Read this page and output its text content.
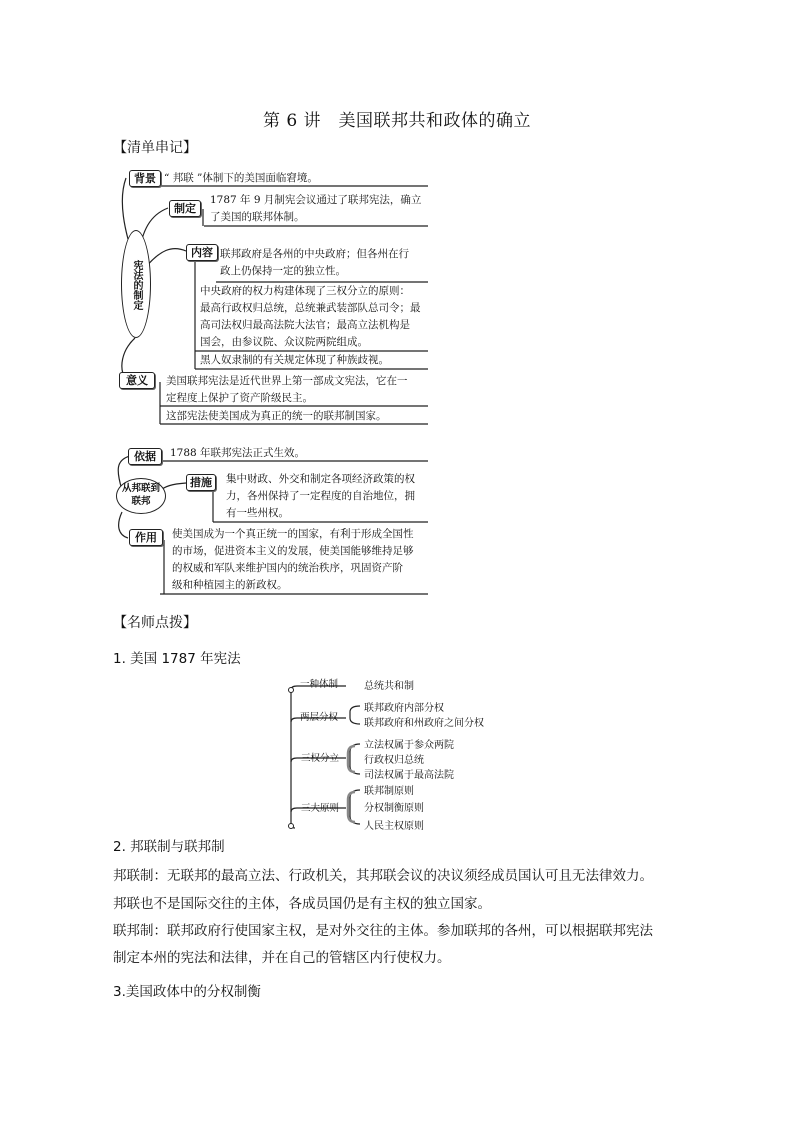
第 6 讲　美国联邦共和政体的确立
【清单串记】
宪法的制定
背景 “ 邦联 ”体制下的美国面临窘境。
制定
1787 年 9 月制宪会议通过了联邦宪法，确立
了美国的联邦体制。
内容 联邦政府是各州的中央政府；但各州在行
政上仍保持一定的独立性。
中央政府的权力构建体现了三权分立的原则：
最高行政权归总统，总统兼武装部队总司令；最
高司法权归最高法院大法官；最高立法机构是
国会，由参议院、众议院两院组成。
黑人奴隶制的有关规定体现了种族歧视。
意义	美国联邦宪法是近代世界上第一部成文宪法，它在一
定程度上保护了资产阶级民主。
这部宪法使美国成为真正的统一的联邦制国家。
从邦联到联邦
依据	1788 年联邦宪法正式生效。
措施	集中财政、外交和制定各项经济政策的权
力，各州保持了一定程度的自治地位，拥
有一些州权。
作用	使美国成为一个真正统一的国家，有利于形成全国性
的市场，促进资本主义的发展，使美国能够维持足够
的权威和军队来维护国内的统治秩序，巩固资产阶
级和种植园主的新政权。
【名师点拨】
1. 美国 1787 年宪法
一种体制	总统共和制
两层分权
联邦政府内部分权
联邦政府和州政府之间分权
三权分立
立法权属于参众两院
行政权归总统
司法权属于最高法院
三大原则
联邦制原则
分权制衡原则
人民主权原则
2. 邦联制与联邦制
邦联制：无联邦的最高立法、行政机关，其邦联会议的决议须经成员国认可且无法律效力。
邦联也不是国际交往的主体，各成员国仍是有主权的独立国家。
联邦制：联邦政府行使国家主权，是对外交往的主体。参加联邦的各州，可以根据联邦宪法
制定本州的宪法和法律，并在自己的管辖区内行使权力。
3.美国政体中的分权制衡
